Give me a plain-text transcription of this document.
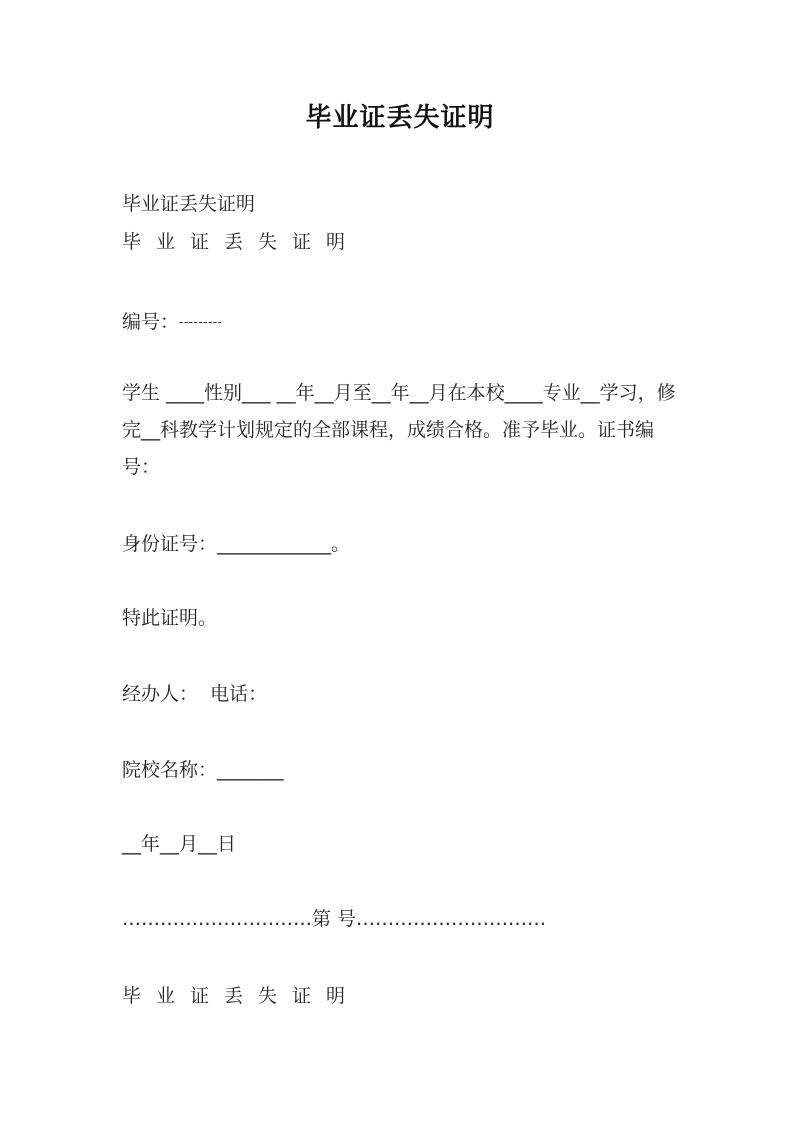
毕业证丢失证明
毕业证丢失证明
毕业证丢失证明
编号：---------
学生 ____性别___ __年__月至__年__月在本校____专业__学习，修完__科教学计划规定的全部课程，成绩合格。准予毕业。证书编号：
身份证号：____________。
特此证明。
经办人：  电话：
院校名称：_______
__年__月__日
…………………………第 号…………………………
毕业证丢失证明
